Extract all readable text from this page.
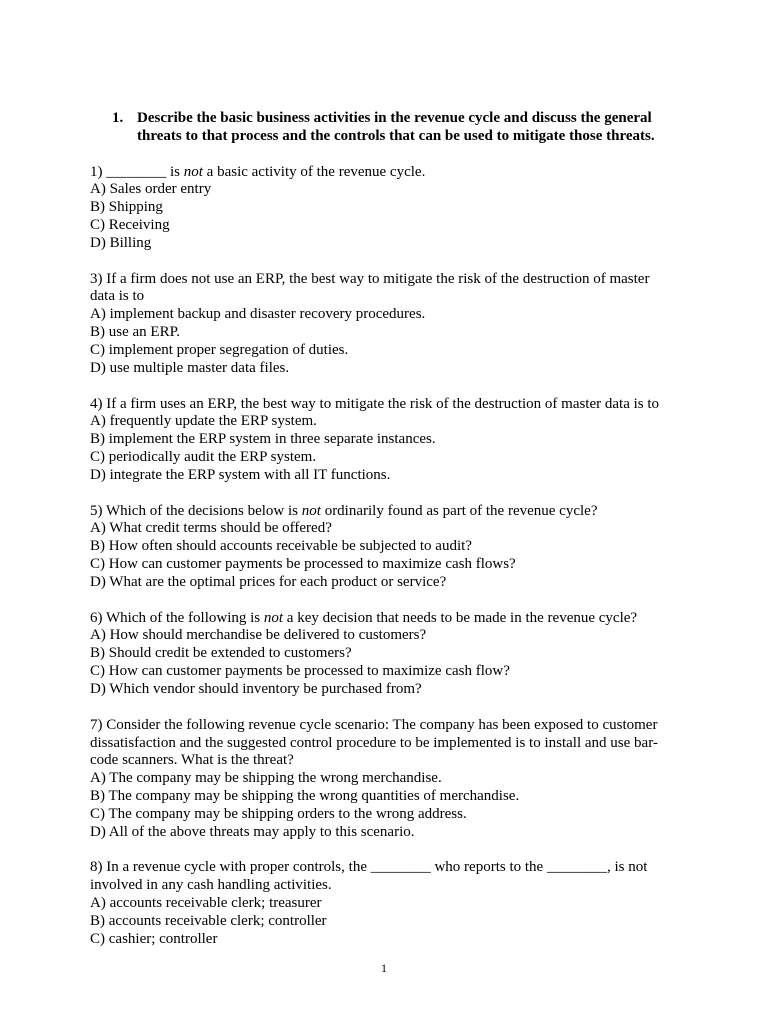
1. Describe the basic business activities in the revenue cycle and discuss the general
threats to that process and the controls that can be used to mitigate those threats.
1) ________ is not a basic activity of the revenue cycle.
A) Sales order entry
B) Shipping
C) Receiving
D) Billing
3) If a firm does not use an ERP, the best way to mitigate the risk of the destruction of master
data is to
A) implement backup and disaster recovery procedures.
B) use an ERP.
C) implement proper segregation of duties.
D) use multiple master data files.
4) If a firm uses an ERP, the best way to mitigate the risk of the destruction of master data is to
A) frequently update the ERP system.
B) implement the ERP system in three separate instances.
C) periodically audit the ERP system.
D) integrate the ERP system with all IT functions.
5) Which of the decisions below is not ordinarily found as part of the revenue cycle?
A) What credit terms should be offered?
B) How often should accounts receivable be subjected to audit?
C) How can customer payments be processed to maximize cash flows?
D) What are the optimal prices for each product or service?
6) Which of the following is not a key decision that needs to be made in the revenue cycle?
A) How should merchandise be delivered to customers?
B) Should credit be extended to customers?
C) How can customer payments be processed to maximize cash flow?
D) Which vendor should inventory be purchased from?
7) Consider the following revenue cycle scenario: The company has been exposed to customer
dissatisfaction and the suggested control procedure to be implemented is to install and use bar-
code scanners. What is the threat?
A) The company may be shipping the wrong merchandise.
B) The company may be shipping the wrong quantities of merchandise.
C) The company may be shipping orders to the wrong address.
D) All of the above threats may apply to this scenario.
8) In a revenue cycle with proper controls, the ________ who reports to the ________, is not
involved in any cash handling activities.
A) accounts receivable clerk; treasurer
B) accounts receivable clerk; controller
C) cashier; controller
1
